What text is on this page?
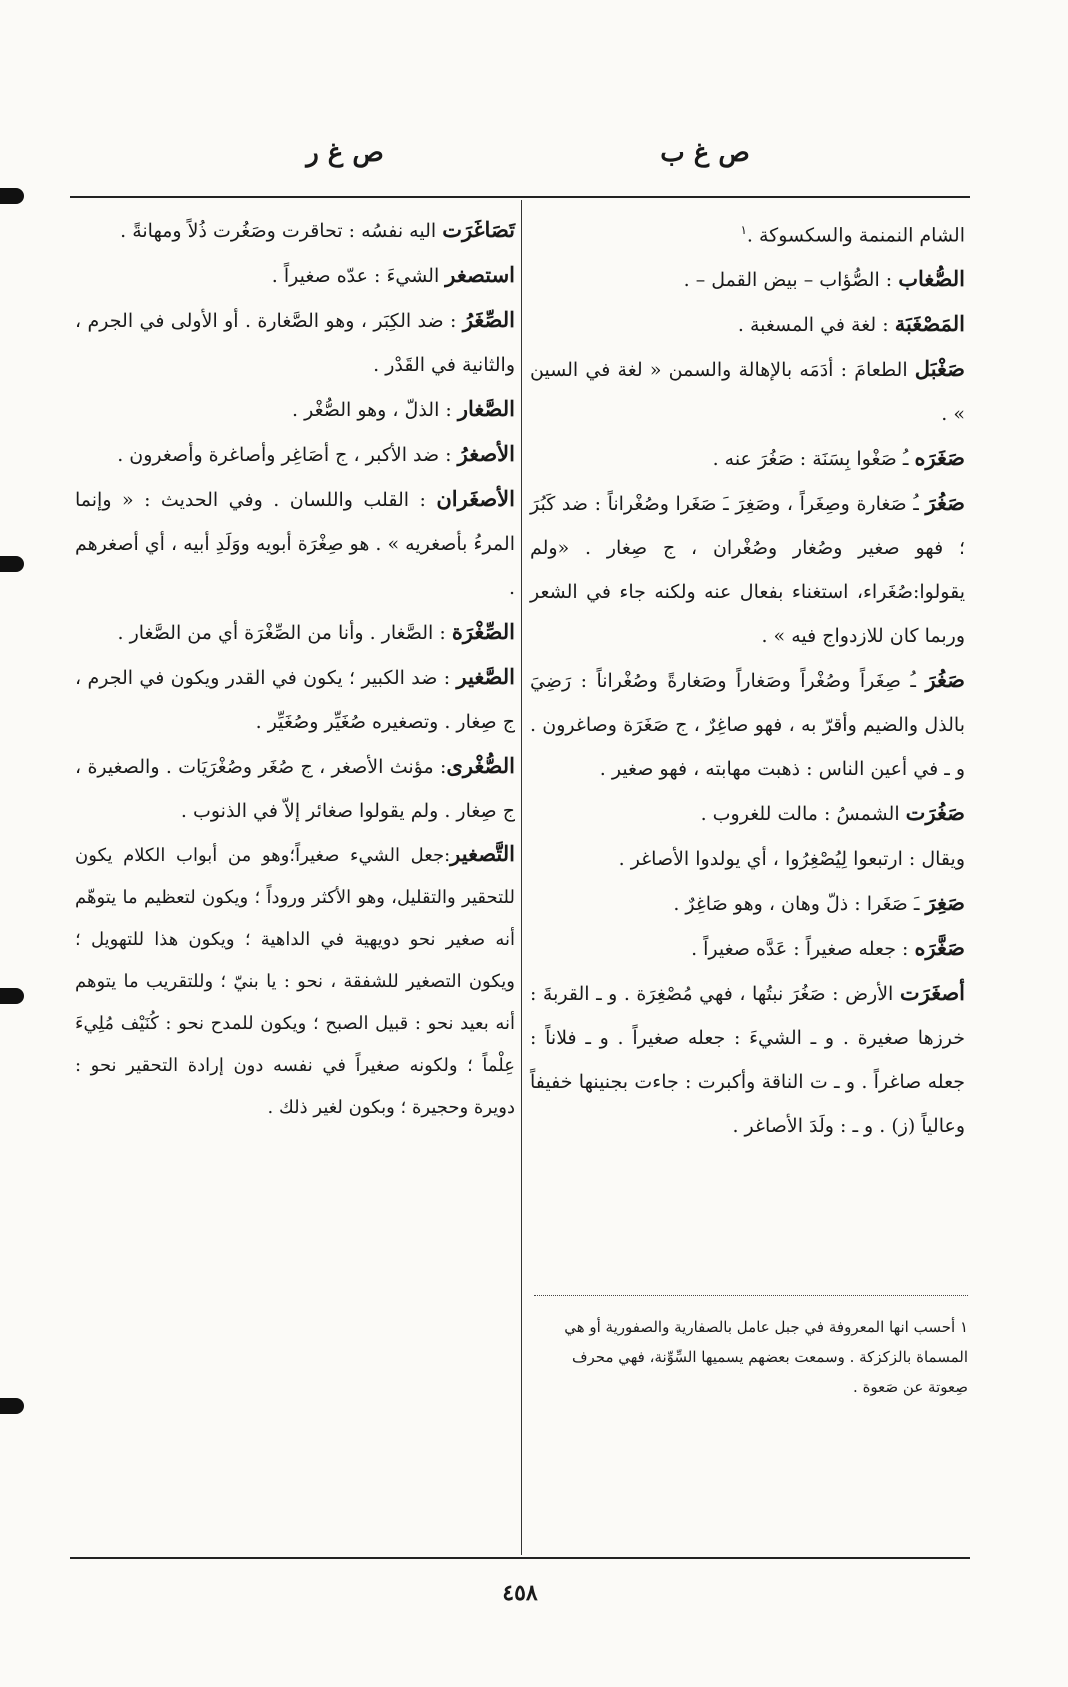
ص غ ب
ص غ ر
الشام النمنمة والسكسوكة .$^١$
الصُّغاب : الصُّؤاب – بيض القمل – .
المَصْغَبَة : لغة في المسغبة .
صَغْبَل الطعامَ : أدَمَه بالإهالة والسمن « لغة في السين » .
صَغَرَه ـُ صَغْوا بِسَنَة : صَغُرَ عنه .
صَغُرَ ـُ صَغارة وصِغَراً ، وصَغِرَ ـَ صَغَرا وصُغْراناً : ضد كَبُرَ ؛ فهو صغير وصُغار وصُغْران ، ج صِغار . «ولم يقولوا:صُغَراء، استغناء بفعال عنه ولكنه جاء في الشعر وربما كان للازدواج فيه » .
صَغُرَ ـُ صِغَراً وصُغْراً وصَغاراً وصَغارةً وصُغْراناً : رَضِيَ بالذل والضيم وأقرّ به ، فهو صاغِرٌ ، ج صَغَرَة وصاغرون . و ـ في أعين الناس : ذهبت مهابته ، فهو صغير .
صَغُرَت الشمسُ : مالت للغروب .
ويقال : ارتبعوا لِيُصْغِرُوا ، أي يولدوا الأصاغر .
صَغِرَ ـَ صَغَرا : ذلّ وهان ، وهو صَاغِرٌ .
صَغَّرَه : جعله صغيراً : عَدَّه صغيراً .
أصغَرَت الأرض : صَغُرَ نبتُها ، فهي مُصْغِرَة . و ـ القربةَ : خرزها صغيرة . و ـ الشيءَ : جعله صغيراً . و ـ فلاناً : جعله صاغراً . و ـ ت الناقة وأكبرت : جاءت بجنينها خفيفاً وعالياً (ز) . و ـ : ولَدَ الأصاغر .
١ أحسب انها المعروفة في جبل عامل بالصفارية والصفورية أو هي المسماة بالزكزكة . وسمعت بعضهم يسميها السِّوِّنة، فهي محرف صِعوتة عن صَعوة .
تَصَاغَرَت اليه نفسُه : تحاقرت وصَغُرت ذُلاً ومهانةً .
استصغر الشيءَ : عدّه صغيراً .
الصِّغَرُ : ضد الكِبَر ، وهو الصَّغارة . أو الأولى في الجرم ، والثانية في القَدْر .
الصَّغار : الذلّ ، وهو الصُّغْر .
الأصغرُ : ضد الأكبر ، ج أصَاغِر وأصاغرة وأصغرون .
الأصغَران : القلب واللسان . وفي الحديث : « وإنما المرءُ بأصغريه » . هو صِغْرَة أبويه ووَلَدِ أبيه ، أي أصغرهم .
الصِّغْرَة : الصَّغار . وأنا من الصِّغْرَة أي من الصَّغار .
الصَّغير : ضد الكبير ؛ يكون في القدر ويكون في الجرم ، ج صِغار . وتصغيره صُغَيِّر وصُغَيِّر .
الصُّغْرى: مؤنث الأصغر ، ج صُغَر وصُغْرَيَات . والصغيرة ، ج صِغار . ولم يقولوا صغائر إلاّ في الذنوب .
التَّصغير:جعل الشيء صغيراً؛وهو من أبواب الكلام يكون للتحقير والتقليل، وهو الأكثر وروداً ؛ ويكون لتعظيم ما يتوهّم أنه صغير نحو دويهية في الداهية ؛ ويكون هذا للتهويل ؛ ويكون التصغير للشفقة ، نحو : يا بنيّ ؛ وللتقريب ما يتوهم أنه بعيد نحو : قبيل الصبح ؛ ويكون للمدح نحو : كُنَيْف مُلِيءَ عِلْماً ؛ ولكونه صغيراً في نفسه دون إرادة التحقير نحو : دويرة وحجيرة ؛ وبكون لغير ذلك .
٤٥٨
